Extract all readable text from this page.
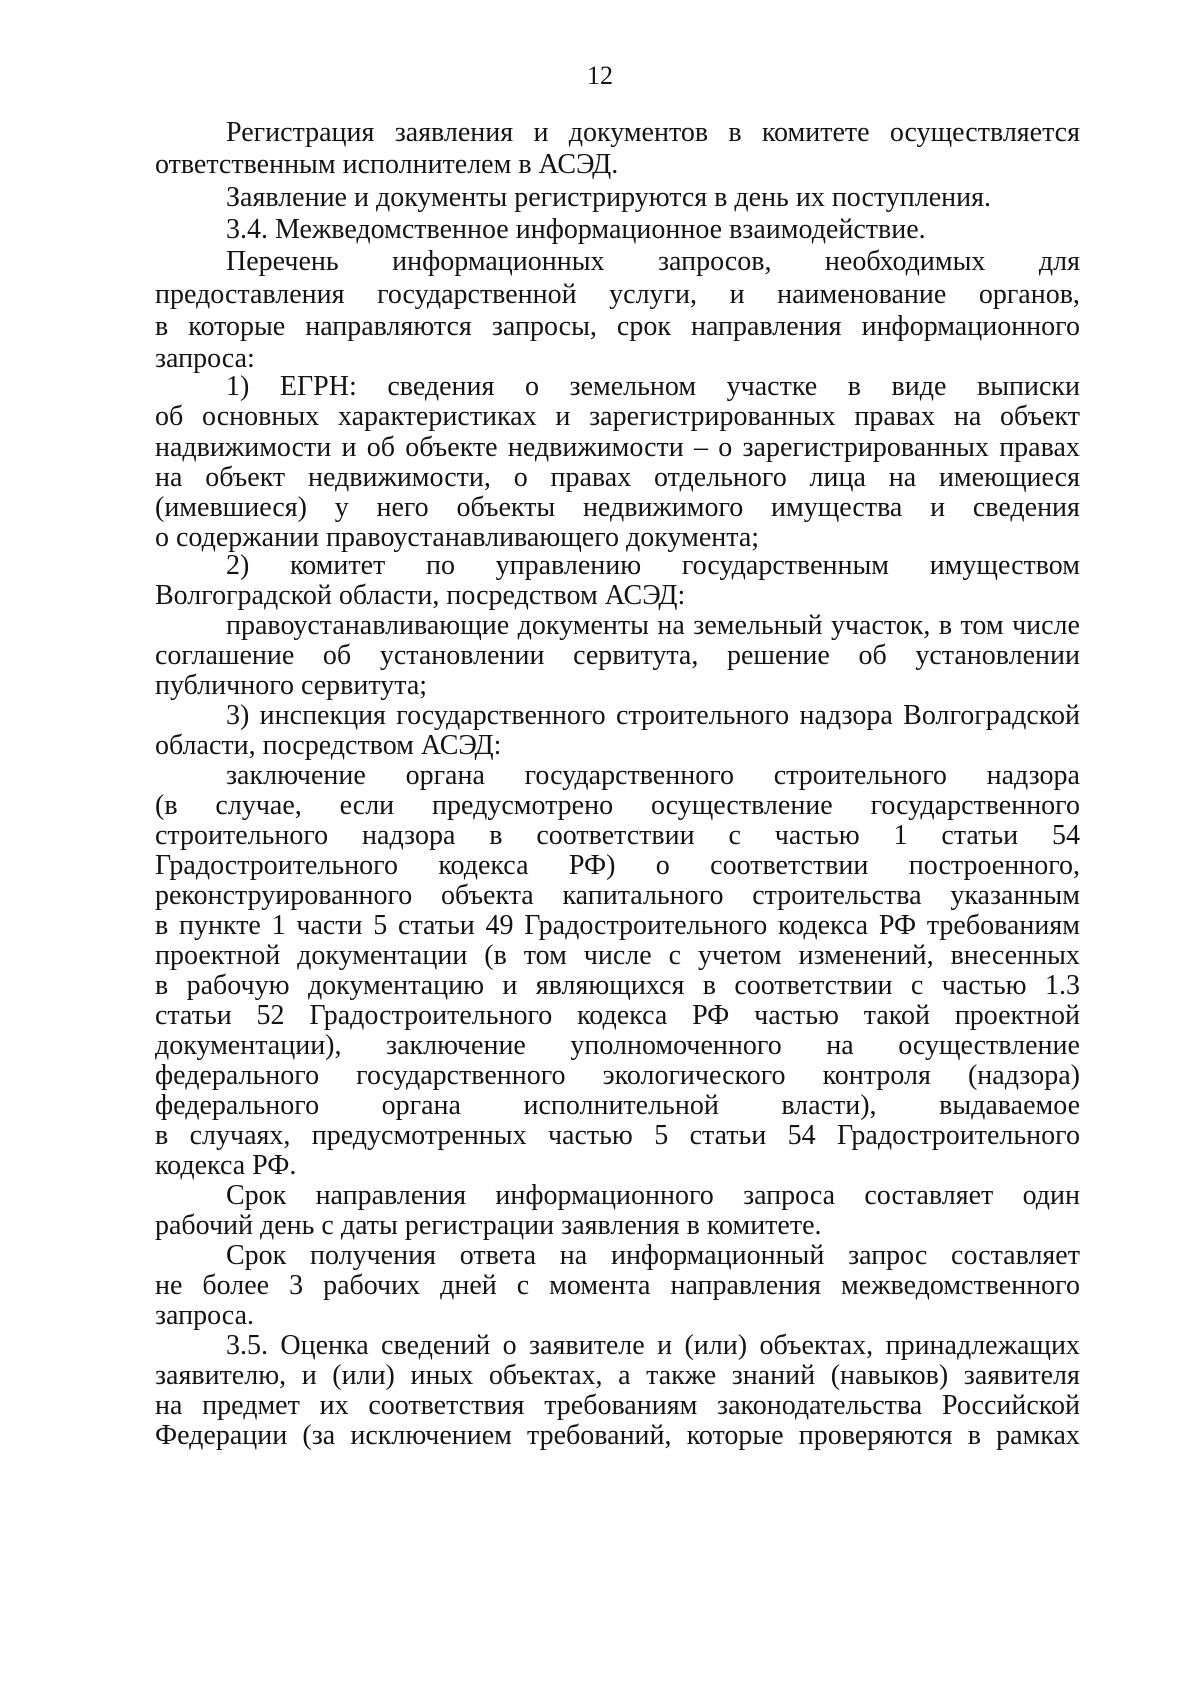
12
Регистрация заявления и документов в комитете осуществляется
ответственным исполнителем в АСЭД.
Заявление и документы регистрируются в день их поступления.
3.4. Межведомственное информационное взаимодействие.
Перечень информационных запросов, необходимых для
предоставления государственной услуги, и наименование органов,
в которые направляются запросы, срок направления информационного
запроса:
1) ЕГРН: сведения о земельном участке в виде выписки
об основных характеристиках и зарегистрированных правах на объект
надвижимости и об объекте недвижимости – о зарегистрированных правах
на объект недвижимости, о правах отдельного лица на имеющиеся
(имевшиеся) у него объекты недвижимого имущества и сведения
о содержании правоустанавливающего документа;
2) комитет по управлению государственным имуществом
Волгоградской области, посредством АСЭД:
правоустанавливающие документы на земельный участок, в том числе
соглашение об установлении сервитута, решение об установлении
публичного сервитута;
3) инспекция государственного строительного надзора Волгоградской
области, посредством АСЭД:
заключение органа государственного строительного надзора
(в случае, если предусмотрено осуществление государственного
строительного надзора в соответствии с частью 1 статьи 54
Градостроительного кодекса РФ) о соответствии построенного,
реконструированного объекта капитального строительства указанным
в пункте 1 части 5 статьи 49 Градостроительного кодекса РФ требованиям
проектной документации (в том числе с учетом изменений, внесенных
в рабочую документацию и являющихся в соответствии с частью 1.3
статьи 52 Градостроительного кодекса РФ частью такой проектной
документации), заключение уполномоченного на осуществление
федерального государственного экологического контроля (надзора)
федерального органа исполнительной власти), выдаваемое
в случаях, предусмотренных частью 5 статьи 54 Градостроительного
кодекса РФ.
Срок направления информационного запроса составляет один
рабочий день с даты регистрации заявления в комитете.
Срок получения ответа на информационный запрос составляет
не более 3 рабочих дней с момента направления межведомственного
запроса.
3.5. Оценка сведений о заявителе и (или) объектах, принадлежащих
заявителю, и (или) иных объектах, а также знаний (навыков) заявителя
на предмет их соответствия требованиям законодательства Российской
Федерации (за исключением требований, которые проверяются в рамках
